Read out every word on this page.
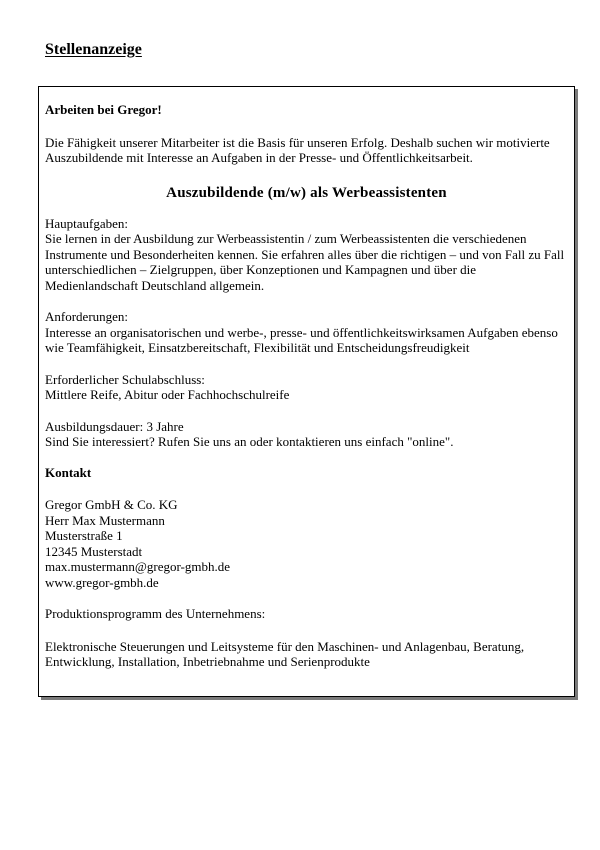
Stellenanzeige

Arbeiten bei Gregor!

Die Fähigkeit unserer Mitarbeiter ist die Basis für unseren Erfolg. Deshalb suchen wir motivierte Auszubildende mit Interesse an Aufgaben in der Presse- und Öffentlichkeitsarbeit.

Auszubildende (m/w) als Werbeassistenten

Hauptaufgaben:
Sie lernen in der Ausbildung zur Werbeassistentin / zum Werbeassistenten die verschiedenen Instrumente und Besonderheiten kennen. Sie erfahren alles über die richtigen – und von Fall zu Fall unterschiedlichen – Zielgruppen, über Konzeptionen und Kampagnen und über die Medienlandschaft Deutschland allgemein.
Anforderungen:
Interesse an organisatorischen und werbe-, presse- und öffentlichkeitswirksamen Aufgaben ebenso wie Teamfähigkeit, Einsatzbereitschaft, Flexibilität und Entscheidungsfreudigkeit
Erforderlicher Schulabschluss:
Mittlere Reife, Abitur oder Fachhochschulreife
Ausbildungsdauer: 3 Jahre
Sind Sie interessiert? Rufen Sie uns an oder kontaktieren uns einfach "online".

Kontakt

Gregor GmbH & Co. KG
Herr Max Mustermann
Musterstraße 1
12345 Musterstadt
max.mustermann@gregor-gmbh.de
www.gregor-gmbh.de

Produktionsprogramm des Unternehmens:

Elektronische Steuerungen und Leitsysteme für den Maschinen- und Anlagenbau, Beratung, Entwicklung, Installation, Inbetriebnahme und Serienprodukte
